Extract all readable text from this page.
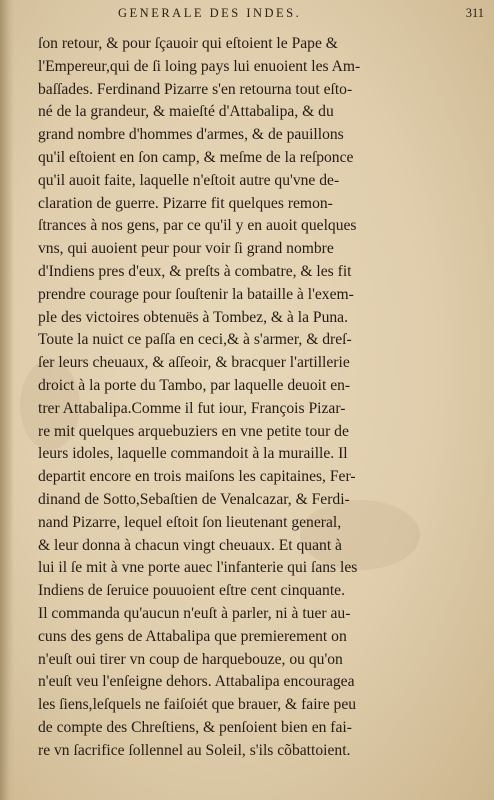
GENERALE DES INDES.	311
ſon retour, & pour ſçauoir qui eſtoient le Pape &
l'Empereur,qui de ſi loing pays lui enuoient les Am-
baſſades. Ferdinand Pizarre s'en retourna tout eſto-
né de la grandeur, & maieſté d'Attabalipa, & du
grand nombre d'hommes d'armes, & de pauillons
qu'il eſtoient en ſon camp, & meſme de la reſponce
qu'il auoit faite, laquelle n'eſtoit autre qu'vne de-
claration de guerre. Pizarre fit quelques remon-
ſtrances à nos gens, par ce qu'il y en auoit quelques
vns, qui auoient peur pour voir ſi grand nombre
d'Indiens pres d'eux, & preſts à combatre, & les fit
prendre courage pour ſouſtenir la bataille à l'exem-
ple des victoires obtenuës à Tombez, & à la Puna.
Toute la nuict ce paſſa en ceci,& à s'armer, & dreſ-
ſer leurs cheuaux, & aſſeoir, & bracquer l'artillerie
droict à la porte du Tambo, par laquelle deuoit en-
trer Attabalipa.Comme il fut iour, François Pizar-
re mit quelques arquebuziers en vne petite tour de
leurs idoles, laquelle commandoit à la muraille. Il
departit encore en trois maiſons les capitaines, Fer-
dinand de Sotto,Sebaſtien de Venalcazar, & Ferdi-
nand Pizarre, lequel eſtoit ſon lieutenant general,
& leur donna à chacun vingt cheuaux. Et quant à
lui il ſe mit à vne porte auec l'infanterie qui ſans les
Indiens de ſeruice pouuoient eſtre cent cinquante.
Il commanda qu'aucun n'euſt à parler, ni à tuer au-
cuns des gens de Attabalipa que premierement on
n'euſt oui tirer vn coup de harquebouze, ou qu'on
n'euſt veu l'enſeigne dehors. Attabalipa encouragea
les ſiens,leſquels ne faiſoiét que brauer, & faire peu
de compte des Chreſtiens, & penſoient bien en fai-
re vn ſacrifice ſollennel au Soleil, s'ils cõbattoient.
